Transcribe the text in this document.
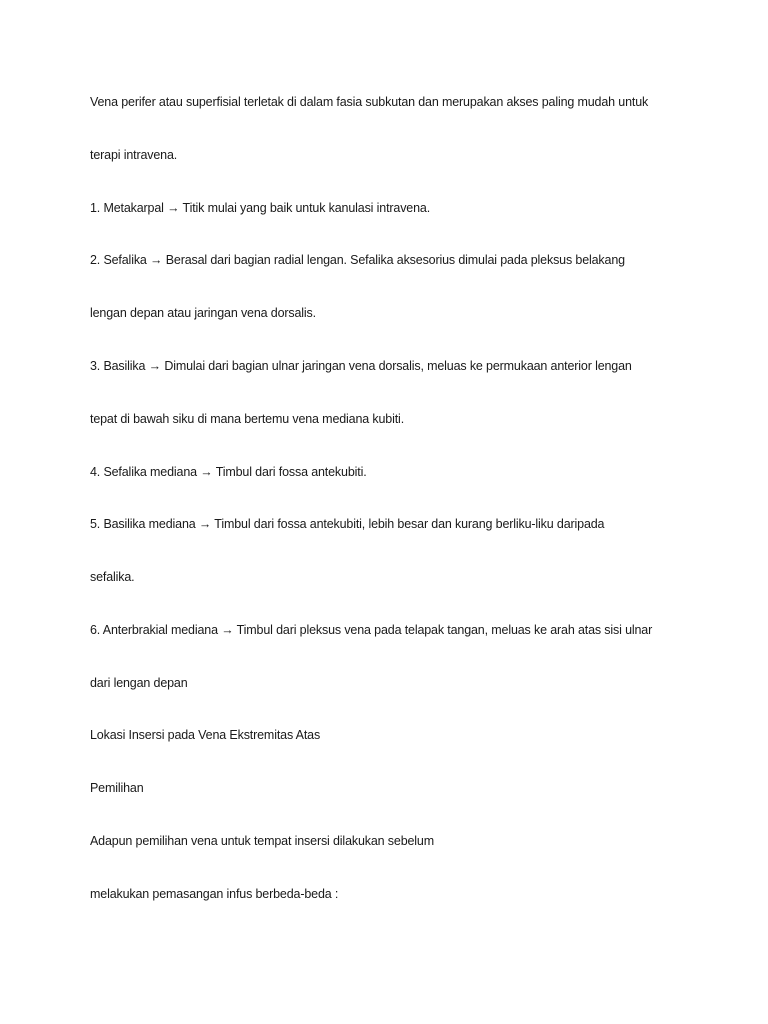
Vena perifer atau superfisial terletak di dalam fasia subkutan dan merupakan akses paling mudah untuk

terapi intravena.

1. Metakarpal → Titik mulai yang baik untuk kanulasi intravena.

2. Sefalika → Berasal dari bagian radial lengan. Sefalika aksesorius dimulai pada pleksus belakang

lengan depan atau jaringan vena dorsalis.

3. Basilika → Dimulai dari bagian ulnar jaringan vena dorsalis, meluas ke permukaan anterior lengan

tepat di bawah siku di mana bertemu vena mediana kubiti.

4. Sefalika mediana → Timbul dari fossa antekubiti.

5. Basilika mediana → Timbul dari fossa antekubiti, lebih besar dan kurang berliku-liku daripada

sefalika.

6. Anterbrakial mediana → Timbul dari pleksus vena pada telapak tangan, meluas ke arah atas sisi ulnar

dari lengan depan

Lokasi Insersi pada Vena Ekstremitas Atas

Pemilihan

Adapun pemilihan vena untuk tempat insersi dilakukan sebelum

melakukan pemasangan infus berbeda-beda :
